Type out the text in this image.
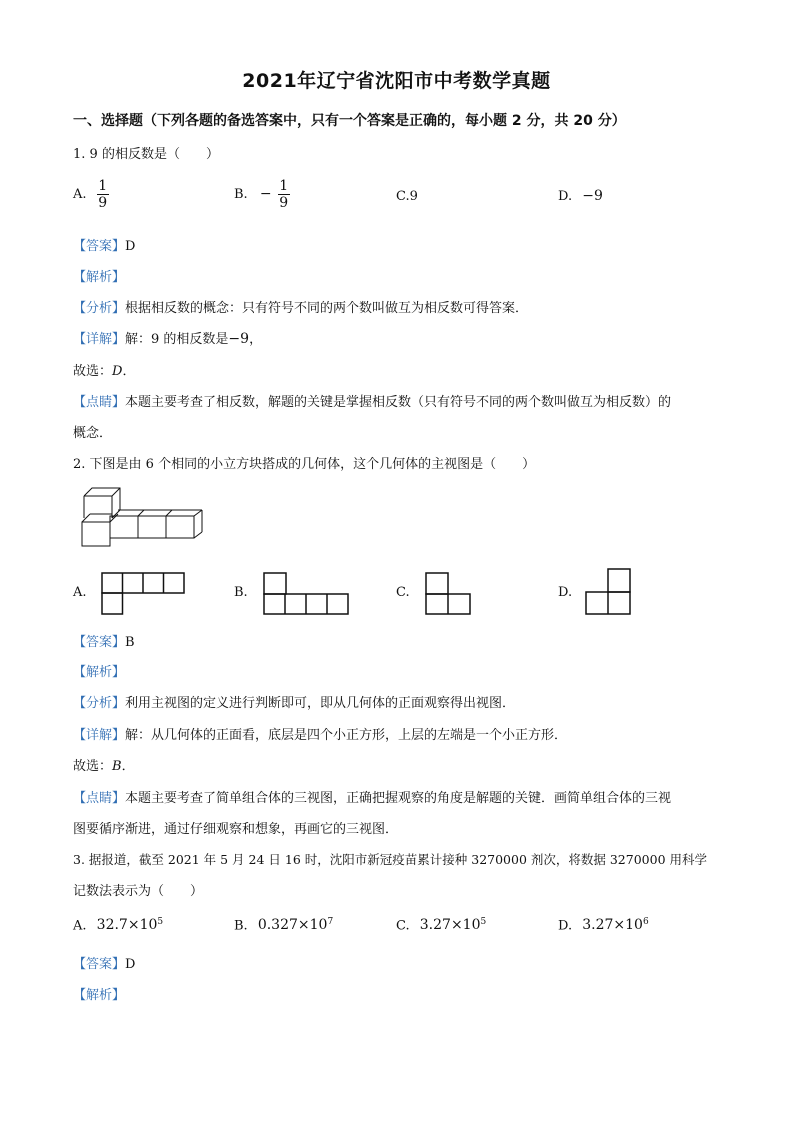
2021年辽宁省沈阳市中考数学真题
一、选择题（下列各题的备选答案中，只有一个答案是正确的，每小题 2 分，共 20 分）
1. 9 的相反数是（　　）
A. $\frac{1}{9}$	B. − $\frac{1}{9}$	C.9	D. −9
【答案】D
【解析】
【分析】根据相反数的概念：只有符号不同的两个数叫做互为相反数可得答案．
【详解】解：9 的相反数是−9，
故选：D．
【点睛】本题主要考查了相反数，解题的关键是掌握相反数（只有符号不同的两个数叫做互为相反数）的
概念．
2. 下图是由 6 个相同的小立方块搭成的几何体，这个几何体的主视图是（　　）
A.	B.	C.	D.
【答案】B
【解析】
【分析】利用主视图的定义进行判断即可，即从几何体的正面观察得出视图．
【详解】解：从几何体的正面看，底层是四个小正方形，上层的左端是一个小正方形．
故选：B．
【点睛】本题主要考查了简单组合体的三视图，正确把握观察的角度是解题的关键．画简单组合体的三视
图要循序渐进，通过仔细观察和想象，再画它的三视图．
3. 据报道，截至 2021 年 5 月 24 日 16 时，沈阳市新冠疫苗累计接种 3270000 剂次，将数据 3270000 用科学
记数法表示为（　　）
A. $32.7\times 10^5$	B. $0.327\times 10^7$	C. $3.27\times 10^5$	D. $3.27\times 10^6$
【答案】D
【解析】
